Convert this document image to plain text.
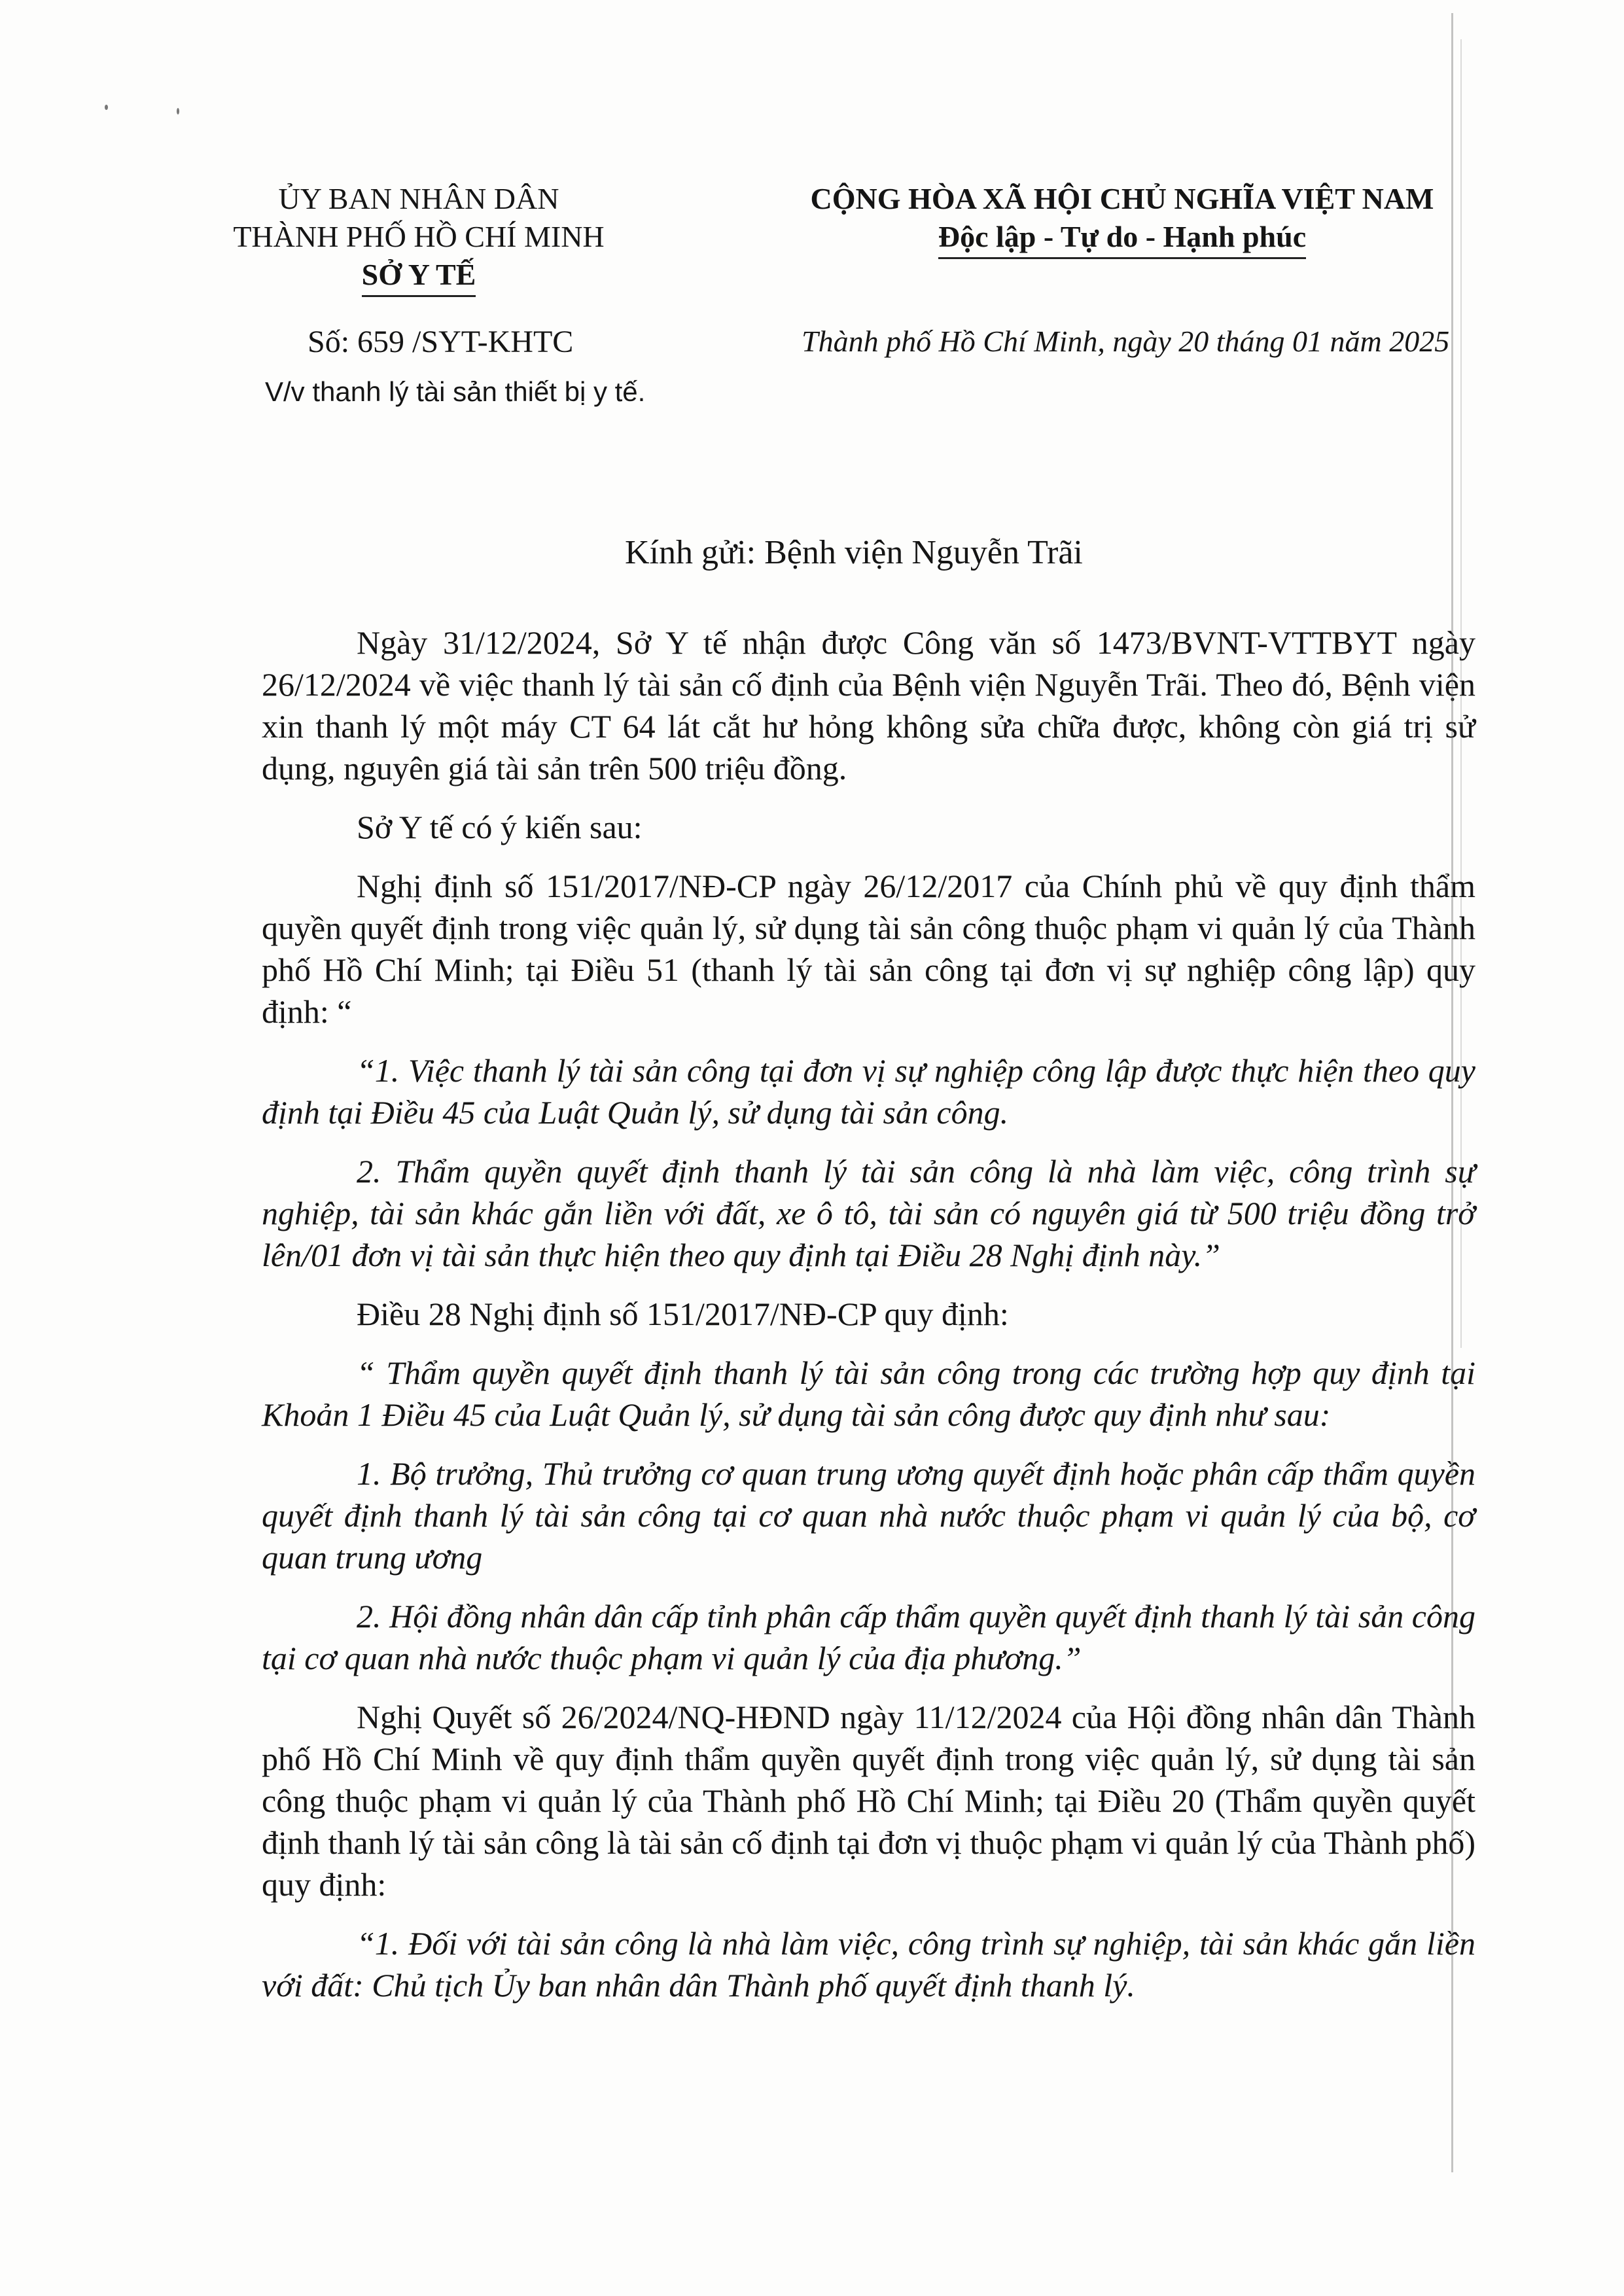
ỦY BAN NHÂN DÂN
THÀNH PHỐ HỒ CHÍ MINH
SỞ Y TẾ
CỘNG HÒA XÃ HỘI CHỦ NGHĨA VIỆT NAM
Độc lập - Tự do - Hạnh phúc
Số: 659 /SYT-KHTC
V/v thanh lý tài sản thiết bị y tế.
Thành phố Hồ Chí Minh, ngày 20 tháng 01 năm 2025
Kính gửi: Bệnh viện Nguyễn Trãi

Ngày 31/12/2024, Sở Y tế nhận được Công văn số 1473/BVNT-VTTBYT ngày 26/12/2024 về việc thanh lý tài sản cố định của Bệnh viện Nguyễn Trãi. Theo đó, Bệnh viện xin thanh lý một máy CT 64 lát cắt hư hỏng không sửa chữa được, không còn giá trị sử dụng, nguyên giá tài sản trên 500 triệu đồng.

Sở Y tế có ý kiến sau:

Nghị định số 151/2017/NĐ-CP ngày 26/12/2017 của Chính phủ về quy định thẩm quyền quyết định trong việc quản lý, sử dụng tài sản công thuộc phạm vi quản lý của Thành phố Hồ Chí Minh; tại Điều 51 (thanh lý tài sản công tại đơn vị sự nghiệp công lập) quy định: “

“1. Việc thanh lý tài sản công tại đơn vị sự nghiệp công lập được thực hiện theo quy định tại Điều 45 của Luật Quản lý, sử dụng tài sản công.

2. Thẩm quyền quyết định thanh lý tài sản công là nhà làm việc, công trình sự nghiệp, tài sản khác gắn liền với đất, xe ô tô, tài sản có nguyên giá từ 500 triệu đồng trở lên/01 đơn vị tài sản thực hiện theo quy định tại Điều 28 Nghị định này.”

Điều 28 Nghị định số 151/2017/NĐ-CP quy định:

“ Thẩm quyền quyết định thanh lý tài sản công trong các trường hợp quy định tại Khoản 1 Điều 45 của Luật Quản lý, sử dụng tài sản công được quy định như sau:

1. Bộ trưởng, Thủ trưởng cơ quan trung ương quyết định hoặc phân cấp thẩm quyền quyết định thanh lý tài sản công tại cơ quan nhà nước thuộc phạm vi quản lý của bộ, cơ quan trung ương

2. Hội đồng nhân dân cấp tỉnh phân cấp thẩm quyền quyết định thanh lý tài sản công tại cơ quan nhà nước thuộc phạm vi quản lý của địa phương.”

Nghị Quyết số 26/2024/NQ-HĐND ngày 11/12/2024 của Hội đồng nhân dân Thành phố Hồ Chí Minh về quy định thẩm quyền quyết định trong việc quản lý, sử dụng tài sản công thuộc phạm vi quản lý của Thành phố Hồ Chí Minh; tại Điều 20 (Thẩm quyền quyết định thanh lý tài sản công là tài sản cố định tại đơn vị thuộc phạm vi quản lý của Thành phố) quy định:

“1. Đối với tài sản công là nhà làm việc, công trình sự nghiệp, tài sản khác gắn liền với đất: Chủ tịch Ủy ban nhân dân Thành phố quyết định thanh lý.
